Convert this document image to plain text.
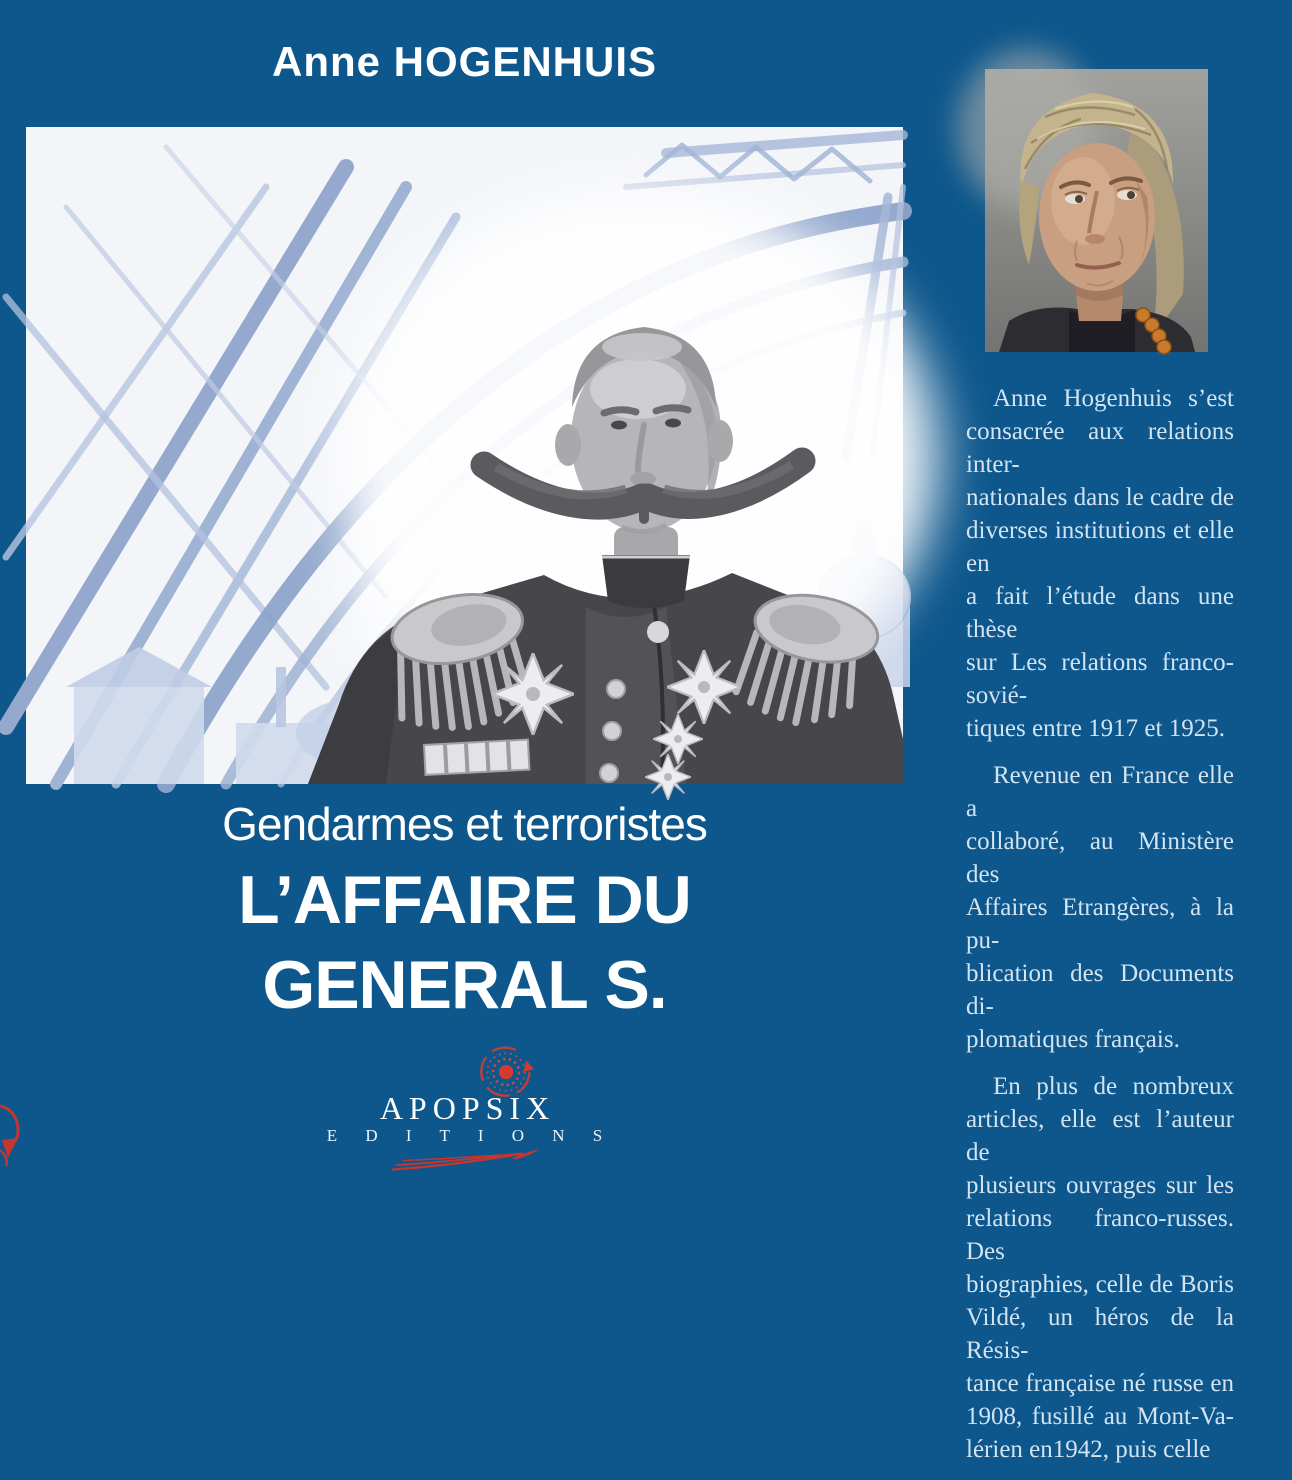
Anne HOGENHUIS
Gendarmes et terroristes
L’AFFAIRE DU
GENERAL S.
APOPSIX
E D I T I O N S
Anne Hogenhuis s’est
consacrée aux relations inter-
nationales dans le cadre de
diverses institutions et elle en
a fait l’étude dans une thèse
sur Les relations franco-sovié-
tiques entre 1917 et 1925.
Revenue en France elle a
collaboré, au Ministère des
Affaires Etrangères, à la pu-
blication des Documents di-
plomatiques français.
En plus de nombreux
articles, elle est l’auteur de
plusieurs ouvrages sur les
relations franco-russes. Des
biographies, celle de Boris
Vildé, un héros de la Résis-
tance française né russe en
1908, fusillé au Mont-Va-
lérien en1942, puis celle
